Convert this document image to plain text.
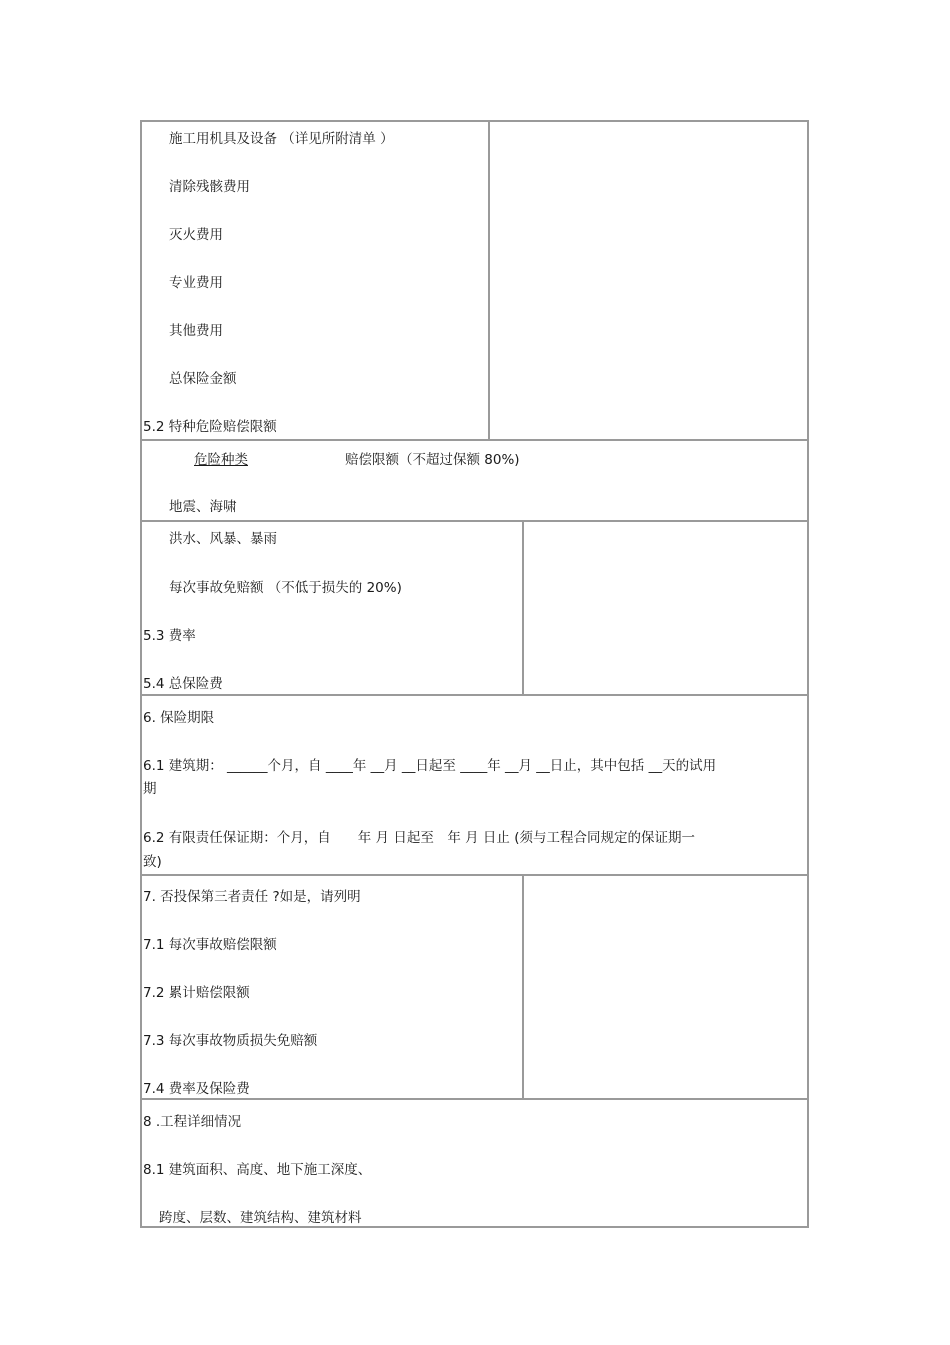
施工用机具及设备 （详见所附清单 ）
清除残骸费用
灭火费用
专业费用
其他费用
总保险金额
5.2 特种危险赔偿限额
危险种类	赔偿限额（不超过保额 80%)
地震、海啸
洪水、风暴、暴雨
每次事故免赔额 （不低于损失的 20%)
5.3 费率
5.4 总保险费
6. 保险期限
6.1 建筑期： ______个月，自 ____年 __月 __日起至 ____年 __月 __日止，其中包括 __天的试用
期
6.2 有限责任保证期：个月，自　　年 月 日起至　年 月 日止 (须与工程合同规定的保证期一
致)
7. 否投保第三者责任 ?如是，请列明
7.1 每次事故赔偿限额
7.2 累计赔偿限额
7.3 每次事故物质损失免赔额
7.4 费率及保险费
8 .工程详细情况
8.1 建筑面积、高度、地下施工深度、
跨度、层数、建筑结构、建筑材料
